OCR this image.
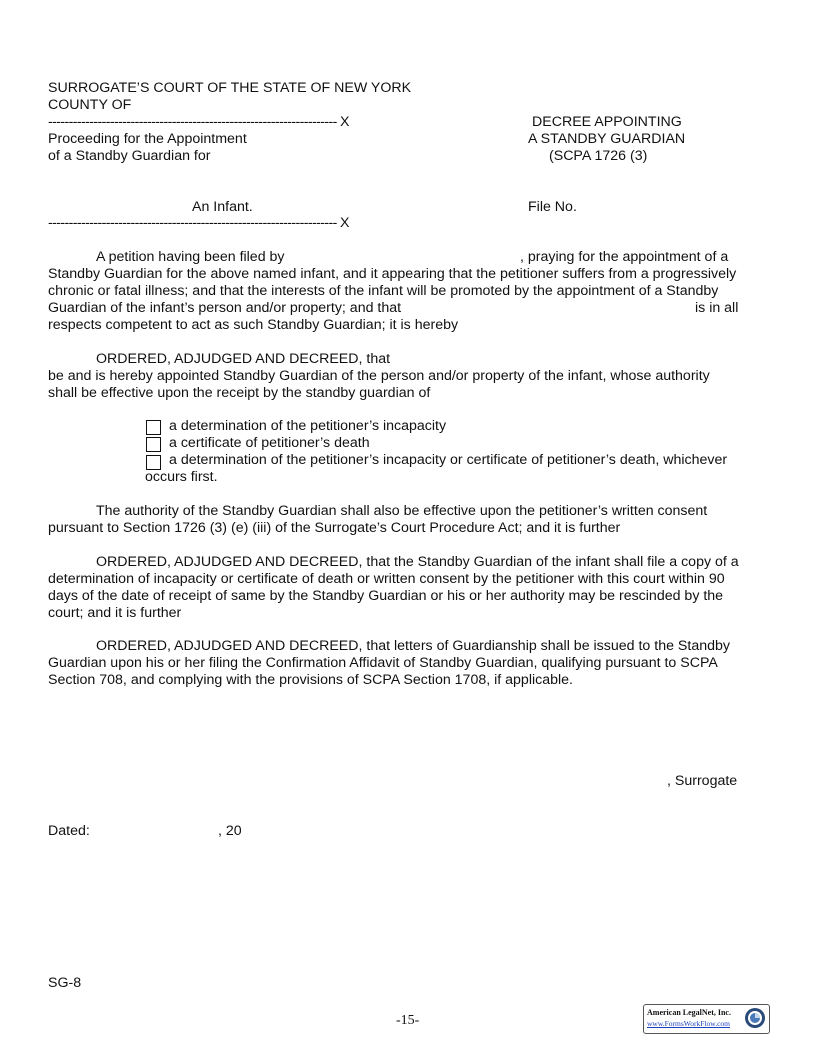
SURROGATE’S COURT OF THE STATE OF NEW YORK
COUNTY OF
---------------------------------------------------------------------- X
Proceeding for the Appointment
of a Standby Guardian for
An Infant.
---------------------------------------------------------------------- X
DECREE APPOINTING
A STANDBY GUARDIAN
(SCPA 1726 (3)
File No.
A petition having been filed by	, praying for the appointment of a
Standby Guardian for the above named infant, and it appearing that the petitioner suffers from a progressively
chronic or fatal illness; and that the interests of the infant will be promoted by the appointment of a Standby
Guardian of the infant’s person and/or property; and that	is in all
respects competent to act as such Standby Guardian; it is hereby
ORDERED, ADJUDGED AND DECREED, that
be and is hereby appointed Standby Guardian of the person and/or property of the infant, whose authority
shall be effective upon the receipt by the standby guardian of
a determination of the petitioner’s incapacity
a certificate of petitioner’s death
a determination of the petitioner’s incapacity or certificate of petitioner’s death, whichever
occurs first.
The authority of the Standby Guardian shall also be effective upon the petitioner’s written consent
pursuant to Section 1726 (3) (e) (iii) of the Surrogate’s Court Procedure Act; and it is further
ORDERED, ADJUDGED AND DECREED, that the Standby Guardian of the infant shall file a copy of a
determination of incapacity or certificate of death or written consent by the petitioner with this court within 90
days of the date of receipt of same by the Standby Guardian or his or her authority may be rescinded by the
court; and it is further
ORDERED, ADJUDGED AND DECREED, that letters of Guardianship shall be issued to the Standby
Guardian upon his or her filing the Confirmation Affidavit of Standby Guardian, qualifying pursuant to SCPA
Section 708, and complying with the provisions of SCPA Section 1708, if applicable.
, Surrogate
Dated:	, 20
SG-8
-15-
American LegalNet, Inc.
www.FormsWorkFlow.com
